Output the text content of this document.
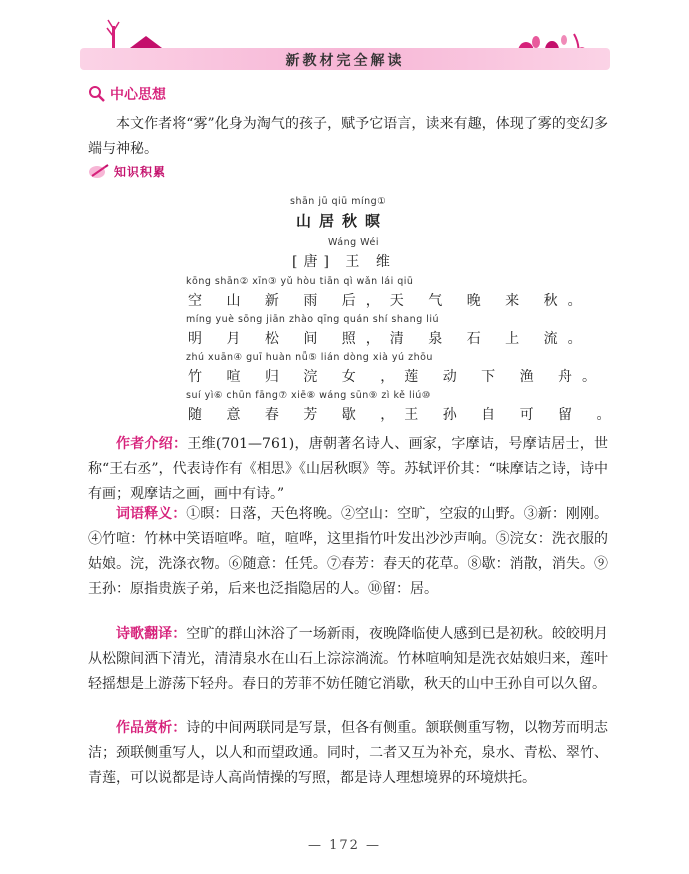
新教材完全解读
中心思想
本文作者将“雾”化身为淘气的孩子，赋予它语言，读来有趣，体现了雾的变幻多端与神秘。
知识积累
shān jū qiū míng①
山居秋暝
Wáng Wéi
[唐] 王 维
kōng shān② xīn③ yǔ hòu tiān qì wǎn lái qiū
空 山 新 雨 后，天 气 晚 来 秋。
míng yuè sōng jiān zhào qīng quán shí shang liú
明 月 松 间 照，清 泉 石 上 流。
zhú xuān④ guī huàn nǚ⑤ lián dòng xià yú zhōu
竹 喧 归 浣 女 ，莲 动 下 渔 舟。
suí yì⑥ chūn fāng⑦ xiē⑧ wáng sūn⑨ zì kě liú⑩
随 意 春 芳 歇 ，王 孙 自 可 留 。
作者介绍：王维(701—761)，唐朝著名诗人、画家，字摩诘，号摩诘居士，世称“王右丞”，代表诗作有《相思》《山居秋暝》等。苏轼评价其：“味摩诘之诗，诗中有画；观摩诘之画，画中有诗。”
词语释义：①暝：日落，天色将晚。②空山：空旷，空寂的山野。③新：刚刚。④竹喧：竹林中笑语喧哗。喧，喧哗，这里指竹叶发出沙沙声响。⑤浣女：洗衣服的姑娘。浣，洗涤衣物。⑥随意：任凭。⑦春芳：春天的花草。⑧歇：消散，消失。⑨王孙：原指贵族子弟，后来也泛指隐居的人。⑩留：居。
诗歌翻译：空旷的群山沐浴了一场新雨，夜晚降临使人感到已是初秋。皎皎明月从松隙间洒下清光，清清泉水在山石上淙淙淌流。竹林喧响知是洗衣姑娘归来，莲叶轻摇想是上游荡下轻舟。春日的芳菲不妨任随它消歇，秋天的山中王孙自可以久留。
作品赏析：诗的中间两联同是写景，但各有侧重。颔联侧重写物，以物芳而明志洁；颈联侧重写人，以人和而望政通。同时，二者又互为补充，泉水、青松、翠竹、青莲，可以说都是诗人高尚情操的写照，都是诗人理想境界的环境烘托。
— 172 —
